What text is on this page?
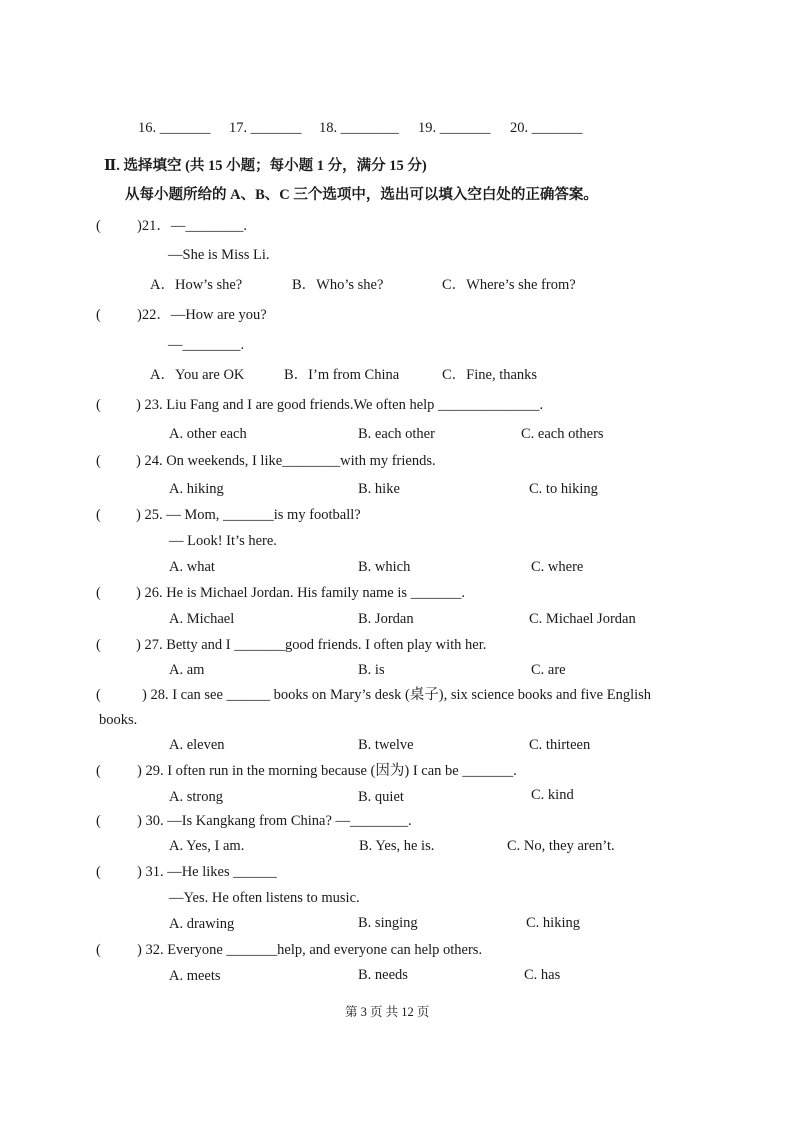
16. _______ 17. _______ 18. ________ 19. _______ 20. _______
Ⅱ. 选择填空 (共 15 小题；每小题 1 分，满分 15 分)
从每小题所给的 A、B、C 三个选项中，选出可以填入空白处的正确答案。
( )21．—________.
—She is Miss Li.
A．How’s she?	B．Who’s she?	C．Where’s she from?
( )22．—How are you?
—________.
A．You are OK	B．I’m from China	C．Fine, thanks
( ) 23. Liu Fang and I are good friends.We often help ______________.
A. other each	B. each other	C. each others
( ) 24. On weekends, I like________with my friends.
A. hiking	B. hike	C. to hiking
( ) 25. — Mom, _______is my football?
— Look! It’s here.
A. what	B. which	C. where
( ) 26. He is Michael Jordan. His family name is _______.
A. Michael	B. Jordan	C. Michael Jordan
( ) 27. Betty and I _______good friends. I often play with her.
A. am	B. is	C. are
(	) 28. I can see ______ books on Mary’s desk (桌子), six science books and five English
books.
A. eleven	B. twelve	C. thirteen
( ) 29. I often run in the morning because (因为) I can be _______.
A. strong	B. quiet	C. kind
( ) 30. —Is Kangkang from China? —________.
A. Yes, I am.	B. Yes, he is.	C. No, they aren’t.
( ) 31. —He likes ______
—Yes. He often listens to music.
A. drawing	B. singing	C. hiking
( ) 32. Everyone _______help, and everyone can help others.
A. meets	B. needs	C. has
第 3 页 共 12 页
